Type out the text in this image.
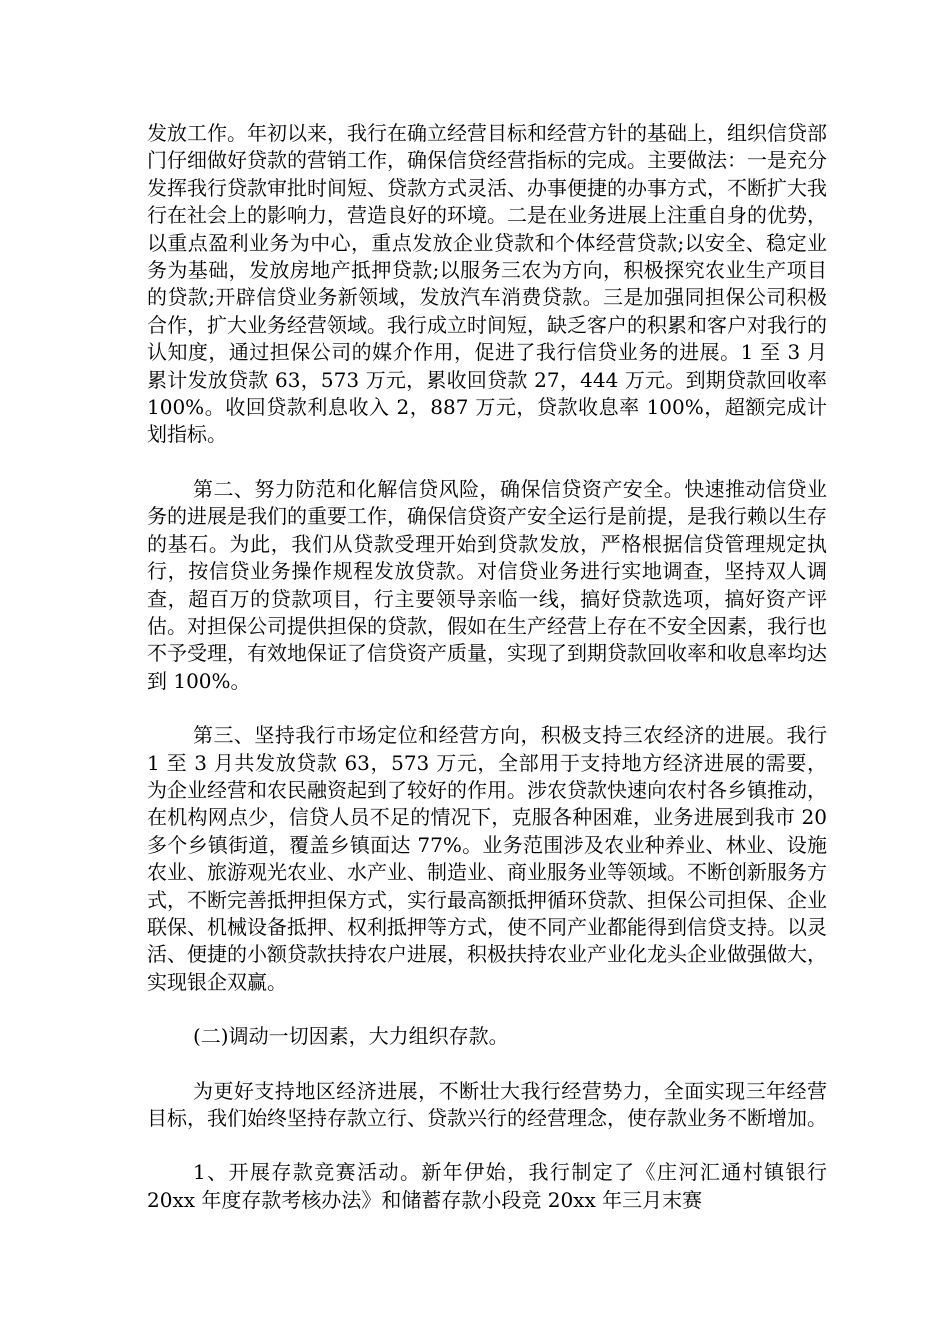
发放工作。年初以来，我行在确立经营目标和经营方针的基础上，组织信贷部门仔细做好贷款的营销工作，确保信贷经营指标的完成。主要做法：一是充分发挥我行贷款审批时间短、贷款方式灵活、办事便捷的办事方式，不断扩大我行在社会上的影响力，营造良好的环境。二是在业务进展上注重自身的优势，以重点盈利业务为中心，重点发放企业贷款和个体经营贷款;以安全、稳定业务为基础，发放房地产抵押贷款;以服务三农为方向，积极探究农业生产项目的贷款;开辟信贷业务新领域，发放汽车消费贷款。三是加强同担保公司积极合作，扩大业务经营领域。我行成立时间短，缺乏客户的积累和客户对我行的认知度，通过担保公司的媒介作用，促进了我行信贷业务的进展。1 至 3 月累计发放贷款 63，573 万元，累收回贷款 27，444 万元。到期贷款回收率 100%。收回贷款利息收入 2，887 万元，贷款收息率 100%，超额完成计划指标。

第二、努力防范和化解信贷风险，确保信贷资产安全。快速推动信贷业务的进展是我们的重要工作，确保信贷资产安全运行是前提，是我行赖以生存的基石。为此，我们从贷款受理开始到贷款发放，严格根据信贷管理规定执行，按信贷业务操作规程发放贷款。对信贷业务进行实地调查，坚持双人调查，超百万的贷款项目，行主要领导亲临一线，搞好贷款选项，搞好资产评估。对担保公司提供担保的贷款，假如在生产经营上存在不安全因素，我行也不予受理，有效地保证了信贷资产质量，实现了到期贷款回收率和收息率均达到 100%。

第三、坚持我行市场定位和经营方向，积极支持三农经济的进展。我行 1 至 3 月共发放贷款 63，573 万元，全部用于支持地方经济进展的需要，为企业经营和农民融资起到了较好的作用。涉农贷款快速向农村各乡镇推动，在机构网点少，信贷人员不足的情况下，克服各种困难，业务进展到我市 20 多个乡镇街道，覆盖乡镇面达 77%。业务范围涉及农业种养业、林业、设施农业、旅游观光农业、水产业、制造业、商业服务业等领域。不断创新服务方式，不断完善抵押担保方式，实行最高额抵押循环贷款、担保公司担保、企业联保、机械设备抵押、权利抵押等方式，使不同产业都能得到信贷支持。以灵活、便捷的小额贷款扶持农户进展，积极扶持农业产业化龙头企业做强做大，实现银企双赢。

(二)调动一切因素，大力组织存款。

为更好支持地区经济进展，不断壮大我行经营势力，全面实现三年经营目标，我们始终坚持存款立行、贷款兴行的经营理念，使存款业务不断增加。

1、开展存款竞赛活动。新年伊始，我行制定了《庄河汇通村镇银行 20xx 年度存款考核办法》和储蓄存款小段竞 20xx 年三月末赛
